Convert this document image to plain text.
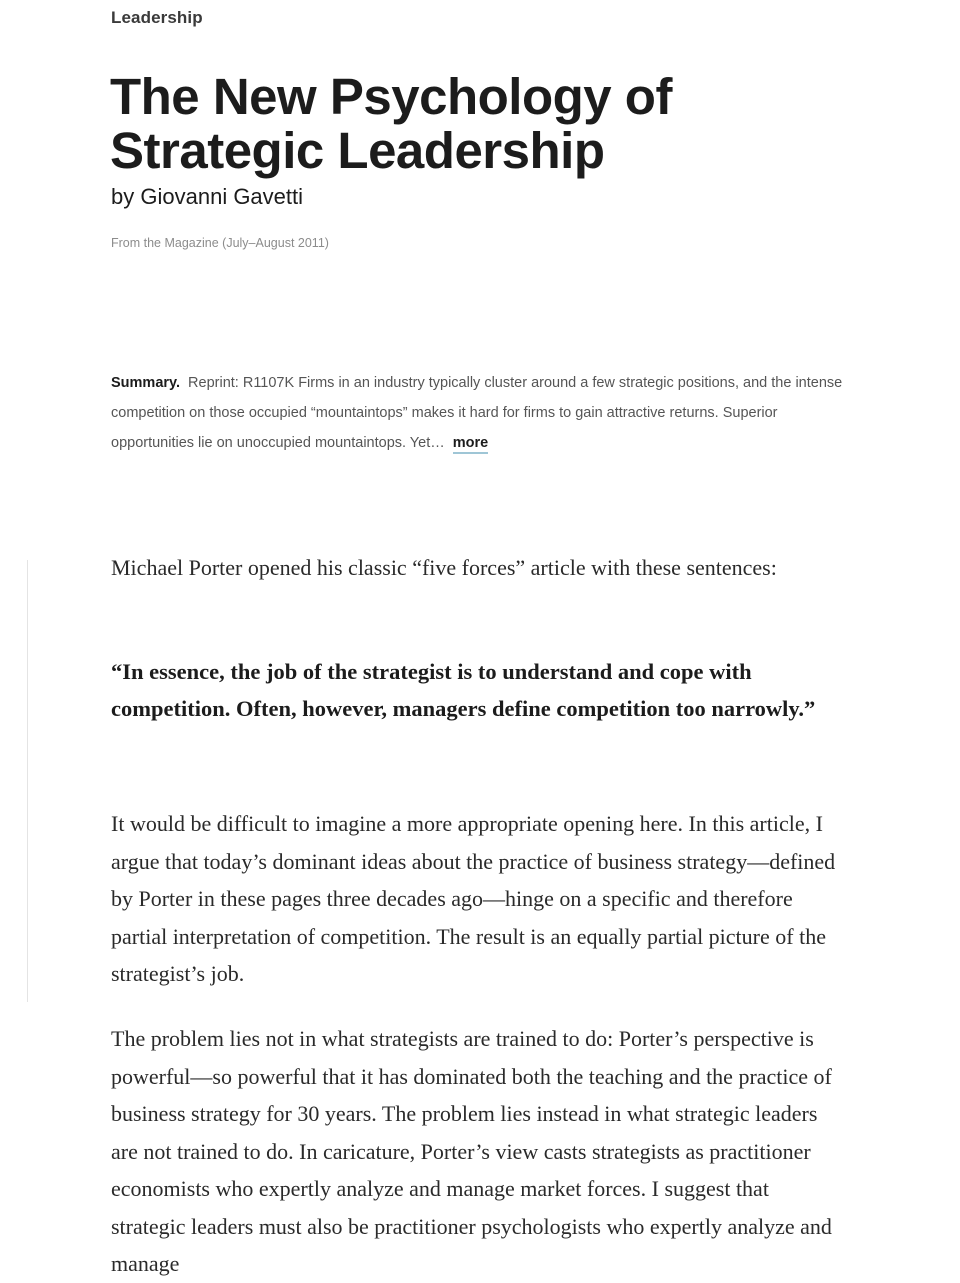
Leadership
The New Psychology of Strategic Leadership
by Giovanni Gavetti
From the Magazine (July–August 2011)

Summary. Reprint: R1107K Firms in an industry typically cluster around a few strategic positions, and the intense competition on those occupied “mountaintops” makes it hard for firms to gain attractive returns. Superior opportunities lie on unoccupied mountaintops. Yet… more

Michael Porter opened his classic “five forces” article with these sentences:

“In essence, the job of the strategist is to understand and cope with competition. Often, however, managers define competition too narrowly.”

It would be difficult to imagine a more appropriate opening here. In this article, I argue that today’s dominant ideas about the practice of business strategy—defined by Porter in these pages three decades ago—hinge on a specific and therefore partial interpretation of competition. The result is an equally partial picture of the strategist’s job.

The problem lies not in what strategists are trained to do: Porter’s perspective is powerful—so powerful that it has dominated both the teaching and the practice of business strategy for 30 years. The problem lies instead in what strategic leaders are not trained to do. In caricature, Porter’s view casts strategists as practitioner economists who expertly analyze and manage market forces. I suggest that strategic leaders must also be practitioner psychologists who expertly analyze and manage
